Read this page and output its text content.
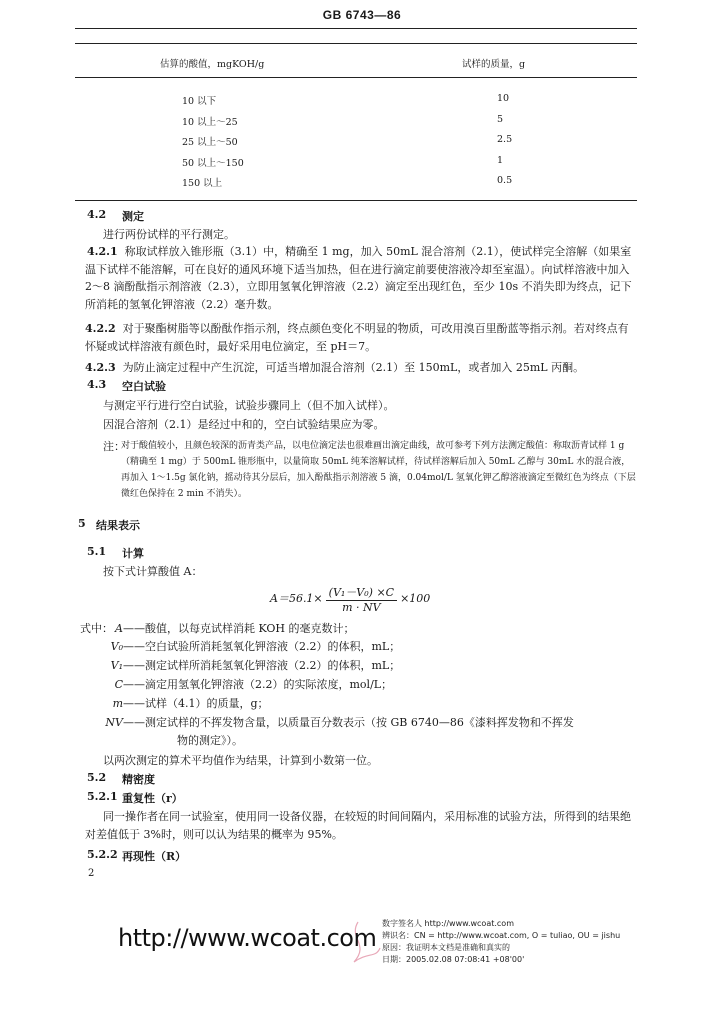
GB 6743—86
估算的酸值，mgKOH/g	试样的质量，g
10 以下	10
10 以上～25	5
25 以上～50	2.5
50 以上～150	1
150 以上	0.5
4.2 测定
进行两份试样的平行测定。
4.2.1 称取试样放入锥形瓶（3.1）中，精确至 1 mg，加入 50mL 混合溶剂（2.1），使试样完全溶解（如果室温下试样不能溶解，可在良好的通风环境下适当加热，但在进行滴定前要使溶液冷却至室温）。向试样溶液中加入 2～8 滴酚酞指示剂溶液（2.3），立即用氢氧化钾溶液（2.2）滴定至出现红色，至少 10s 不消失即为终点，记下所消耗的氢氧化钾溶液（2.2）毫升数。
4.2.2 对于聚酯树脂等以酚酞作指示剂，终点颜色变化不明显的物质，可改用溴百里酚蓝等指示剂。若对终点有怀疑或试样溶液有颜色时，最好采用电位滴定，至 pH＝7。
4.2.3 为防止滴定过程中产生沉淀，可适当增加混合溶剂（2.1）至 150mL，或者加入 25mL 丙酮。
4.3 空白试验
与测定平行进行空白试验，试验步骤同上（但不加入试样）。
因混合溶剂（2.1）是经过中和的，空白试验结果应为零。
注：
对于酸值较小，且颜色较深的沥青类产品，以电位滴定法也很难画出滴定曲线，故可参考下列方法测定酸值：称取沥青试样 1 g（精确至 1 mg）于 500mL 锥形瓶中，以量筒取 50mL 纯苯溶解试样，待试样溶解后加入 50mL 乙醇与 30mL 水的混合液，再加入 1～1.5g 氯化钠，摇动待其分层后，加入酚酞指示剂溶液 5 滴，0.04mol/L 氢氧化钾乙醇溶液滴定至微红色为终点（下层微红色保持在 2 min 不消失）。
5 结果表示
5.1 计算
按下式计算酸值 A：
$A=56.1\times \frac{\text{(V₁－V₀) ×C}}{m \cdot NV} \times 100$
式中： A——酸值，以每克试样消耗 KOH 的毫克数计；
V₀——空白试验所消耗氢氧化钾溶液（2.2）的体积，mL；
V₁——测定试样所消耗氢氧化钾溶液（2.2）的体积，mL；
C——滴定用氢氧化钾溶液（2.2）的实际浓度，mol/L；
m——试样（4.1）的质量，g；
NV——测定试样的不挥发物含量，以质量百分数表示（按 GB 6740—86《漆料挥发物和不挥发
物的测定》）。
以两次测定的算术平均值作为结果，计算到小数第一位。
5.2 精密度
5.2.1 重复性（r）
同一操作者在同一试验室，使用同一设备仪器，在较短的时间间隔内，采用标准的试验方法，所得到的结果绝对差值低于 3%时，则可以认为结果的概率为 95%。
5.2.2 再现性（R）
2
http://www.wcoat.com
数字签名人 http://www.wcoat.com
辨识名：CN = http://www.wcoat.com, O = tuliao, OU = jishu
原因：我证明本文档是准确和真实的
日期：2005.02.08 07:08:41 +08'00'
